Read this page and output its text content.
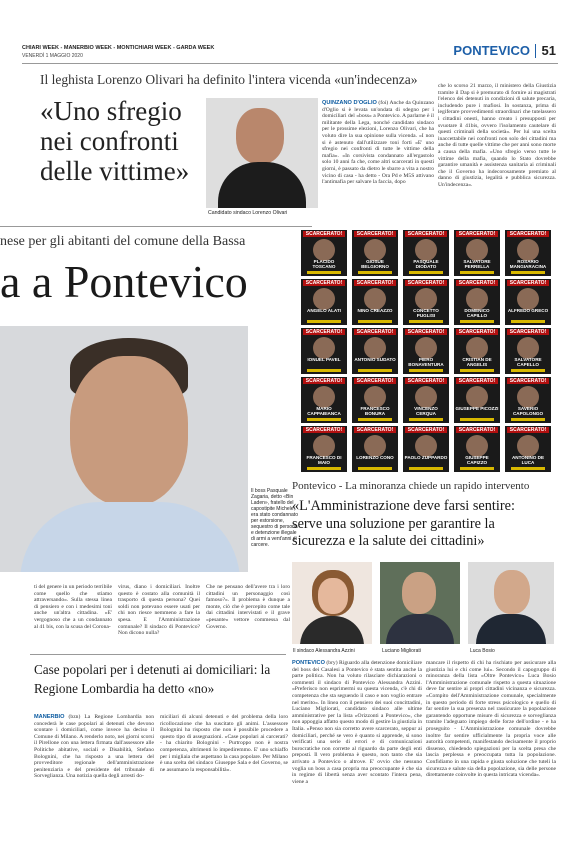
CHIARI WEEK - MANERBIO WEEK - MONTICHIARI WEEK - GARDA WEEK
VENERDÌ 1 MAGGIO 2020	PONTEVICO 51
Il leghista Lorenzo Olivari ha definito l'intera vicenda «un'indecenza»
«Uno sfregio nei confronti delle vittime»
Candidato sindaco Lorenzo Olivari
QUINZANO D'OGLIO (foi) Anche da Quinzano d'Oglio si è levata un'ondata di sdegno per i domiciliari del «boss» a Pontevico. A parlarne è il militante della Lega, nonché candidato sindaco per le prossime elezioni, Lorenzo Olivari, che ha voluto dire la sua opinione sulla vicenda. «I non si è astenuto dall'utilizzare toni forti «E' uno sfregio nei confronti di tutte le vittime della mafia». «In corsivista condannato all'ergastolo solo 10 anni fa che, come altri scarcerati in questi giorni, è passato da dietro le sbarre a vita a nostro vicino di casa - ha detto - Ora Pd e M5S attivano l'antimafia per salvare la faccia, dopo
che lo scorso 21 marzo, il ministero della Giustizia tramite il Dap si è premurato di fornire ai magistrati l'elenco dei detenuti in condizioni di salute precaria, includendo pure i mafiosi. In sostanza, prima di legiferare provvedimenti straordinari che tutelassero i cittadini onesti, hanno creato i presupposti per svuotare il 41bis, ovvero l'isolamento cautelare di questi criminali della società». Per lui una scelta inaccettabile nei confronti non solo dei cittadini ma anche di tutte quelle vittime che per anni sono morte a causa della mafia. «Uno sfregio verso tutte le vittime della mafia, quando lo Stato dovrebbe garantire umanità e assistenza sanitaria ai criminali che il Governo ha indecorosamente premiato al danno di giustizia, legalità e pubblica sicurezza. Un'indecenza».
nese per gli abitanti del comune della Bassa
a a Pontevico
Il boss Pasquale Zagaria, detto «Bin Laden», fratello del capostipite Michele, era stato condannato per estorsione, sequestro di persona e detenzione illegale di armi a vent'anni di carcere.
ti del genere in un periodo terribile come quello che stiamo attraversando». Sulla stessa linea di pensiero e con i medesimi toni anche un'altra cittadina. «E' vergognoso che a un condannato al 41 bis, con la scusa del Corona-
virus, diano i domiciliari. Inoltre questo è costato alla comunità il trasporto di questa persona? Quei soldi non potevano essere usati per chi non riesce nemmeno a fare la spesa. E l'Amministrazione comunale? Il sindaco di Pontevico? Non dicono nulla?
Che ne pensano dell'avere tra i loro cittadini un personaggio così famoso?». Il problema è dunque a monte, ciò che è percepito come tale dai cittadini intervistati e il grave «pesante» vettore commessa dal Governo.
SCARCERATO!
PLACIDO TOSCANO
SCARCERATO!
GIOSUE BELGIORNO
SCARCERATO!
PASQUALE DIODATO
SCARCERATO!
SALVATORE PERRELLA
SCARCERATO!
ROSARIO MANGIARACINA
SCARCERATO!
ANGELO ALATI
SCARCERATO!
NINO CREAZZO
SCARCERATO!
CONCETTO PUGLISI
SCARCERATO!
DOMENICO CAPILLO
SCARCERATO!
ALFREDO GRECO
SCARCERATO!
IONUEL PAVEL
SCARCERATO!
ANTONIO SUDATO
SCARCERATO!
PIERO BONAVENTURA
SCARCERATO!
CRISTIAN DE ANGELIS
SCARCERATO!
SALVATORE CAPELLO
SCARCERATO!
MARIO CAPPABIANCA
SCARCERATO!
FRANCESCO BONURA
SCARCERATO!
VINCENZO CERQUA
SCARCERATO!
GIUSEPPE PICOZZI
SCARCERATO!
SAVERIO CAPOLONGO
SCARCERATO!
FRANCESCO DI MAIO
SCARCERATO!
LORENZO CONO
SCARCERATO!
PAOLO ZUPPARDO
SCARCERATO!
GIUSEPPE CAPIZZO
SCARCERATO!
ANTONINO DE LUCA
Pontevico - La minoranza chiede un rapido intervento
«L'Amministrazione deve farsi sentire: serve una soluzione per garantire la sicurezza e la salute dei cittadini»
Il sindaco Alessandra Azzini	Luciano Migliorati	Luca Bosio
PONTEVICO (bry) Riguardo alla detenzione domiciliare del boss dei Casalesi a Pontevico è stata sentita anche la parte politica. Non ha voluto rilasciare dichiarazioni o commenti il sindaco di Pontevico Alessandra Azzini. «Preferisco non esprimermi su questa vicenda, c'è chi di competenza che sta seguendo il caso e non voglio entrare nel merito». In linea con il pensiero dei suoi concittadini, Luciano Migliorati, candidato sindaco alle ultime amministrative per la lista «Orizzonti a Pontevico», che non appoggia affatto questo modo di gestire la giustizia in Italia. «Penso non sia corretto avere scarcerato, seppur ai domiciliari, perché se vero è quanto si apprende, si sono verificati una serie di errori e di comunicazioni burocratiche non corrette al riguardo da parte degli enti preposti. Il vero problema è questo, non tanto che sia arrivato a Pontevico o altrove. E' ovvio che nessuno voglia un boss a casa propria ma preoccupante è che sia in regime di libertà senza aver scontato l'intera pena, viene a
mancare il rispetto di chi ha rischiato per assicurare alla giustizia lui e chi come lui». Secondo il capogruppo di minoranza della lista «Oltre Pontevico» Luca Bosio l'Amministrazione comunale rispetto a questa situazione deve far sentire ai propri cittadini vicinanza e sicurezza. «Compito dell'Amministrazione comunale, specialmente in questo periodo di forte stress psicologico e quello di far sentire la sua presenza nel rassicurare la popolazione garantendo opportune misure di sicurezza e sorveglianza tramite l'adeguato impiego delle forze dell'ordine - e ha proseguito - L'Amministrazione comunale dovrebbe inoltre far sentire ufficialmente la propria voce alle autorità competenti, manifestando decisamente il proprio dissenso, chiedendo spiegazioni per la scelta presa che lascia perplessa e preoccupata tutta la popolazione. Confidiamo in una rapida e giusta soluzione che tuteli la sicurezza e salute sia della popolazione, sia delle persone direttamente coinvolte in questa intricata vicenda».
Case popolari per i detenuti ai domiciliari: la Regione Lombardia ha detto «no»
MANERBIO (bzn) La Regione Lombardia non concederà le case popolari ai detenuti che devono scontare i domiciliari, come invece ha deciso il Comune di Milano. A renderlo noto, nei giorni scorsi il Pirellone con una lettera firmata dall'assessore alle Politiche abitative, sociali e Disabilità, Stefano Bolognini, che ha risposto a una lettera del provveditore regionale dell'amministrazione penitenziaria e del presidente del tribunale di Sorveglianza. Una notizia quella degli arresti do-
miciliari di alcuni detenuti e del problema della loro ricollocazione che ha suscitato gli animi. L'assessore Bolognini ha risposto che non è possibile procedere a questo tipo di assegnazioni. «Case popolari ai carcerati? - ha chiarito Bolognini - Purtroppo non è nostra competenza, altrimenti lo impediremmo. E' uno schiaffo per i migliaia che aspettano la casa popolare. Per Milano è una scelta del sindaco Giuseppe Sala e del Governo, se ne assumano la responsabilità».
